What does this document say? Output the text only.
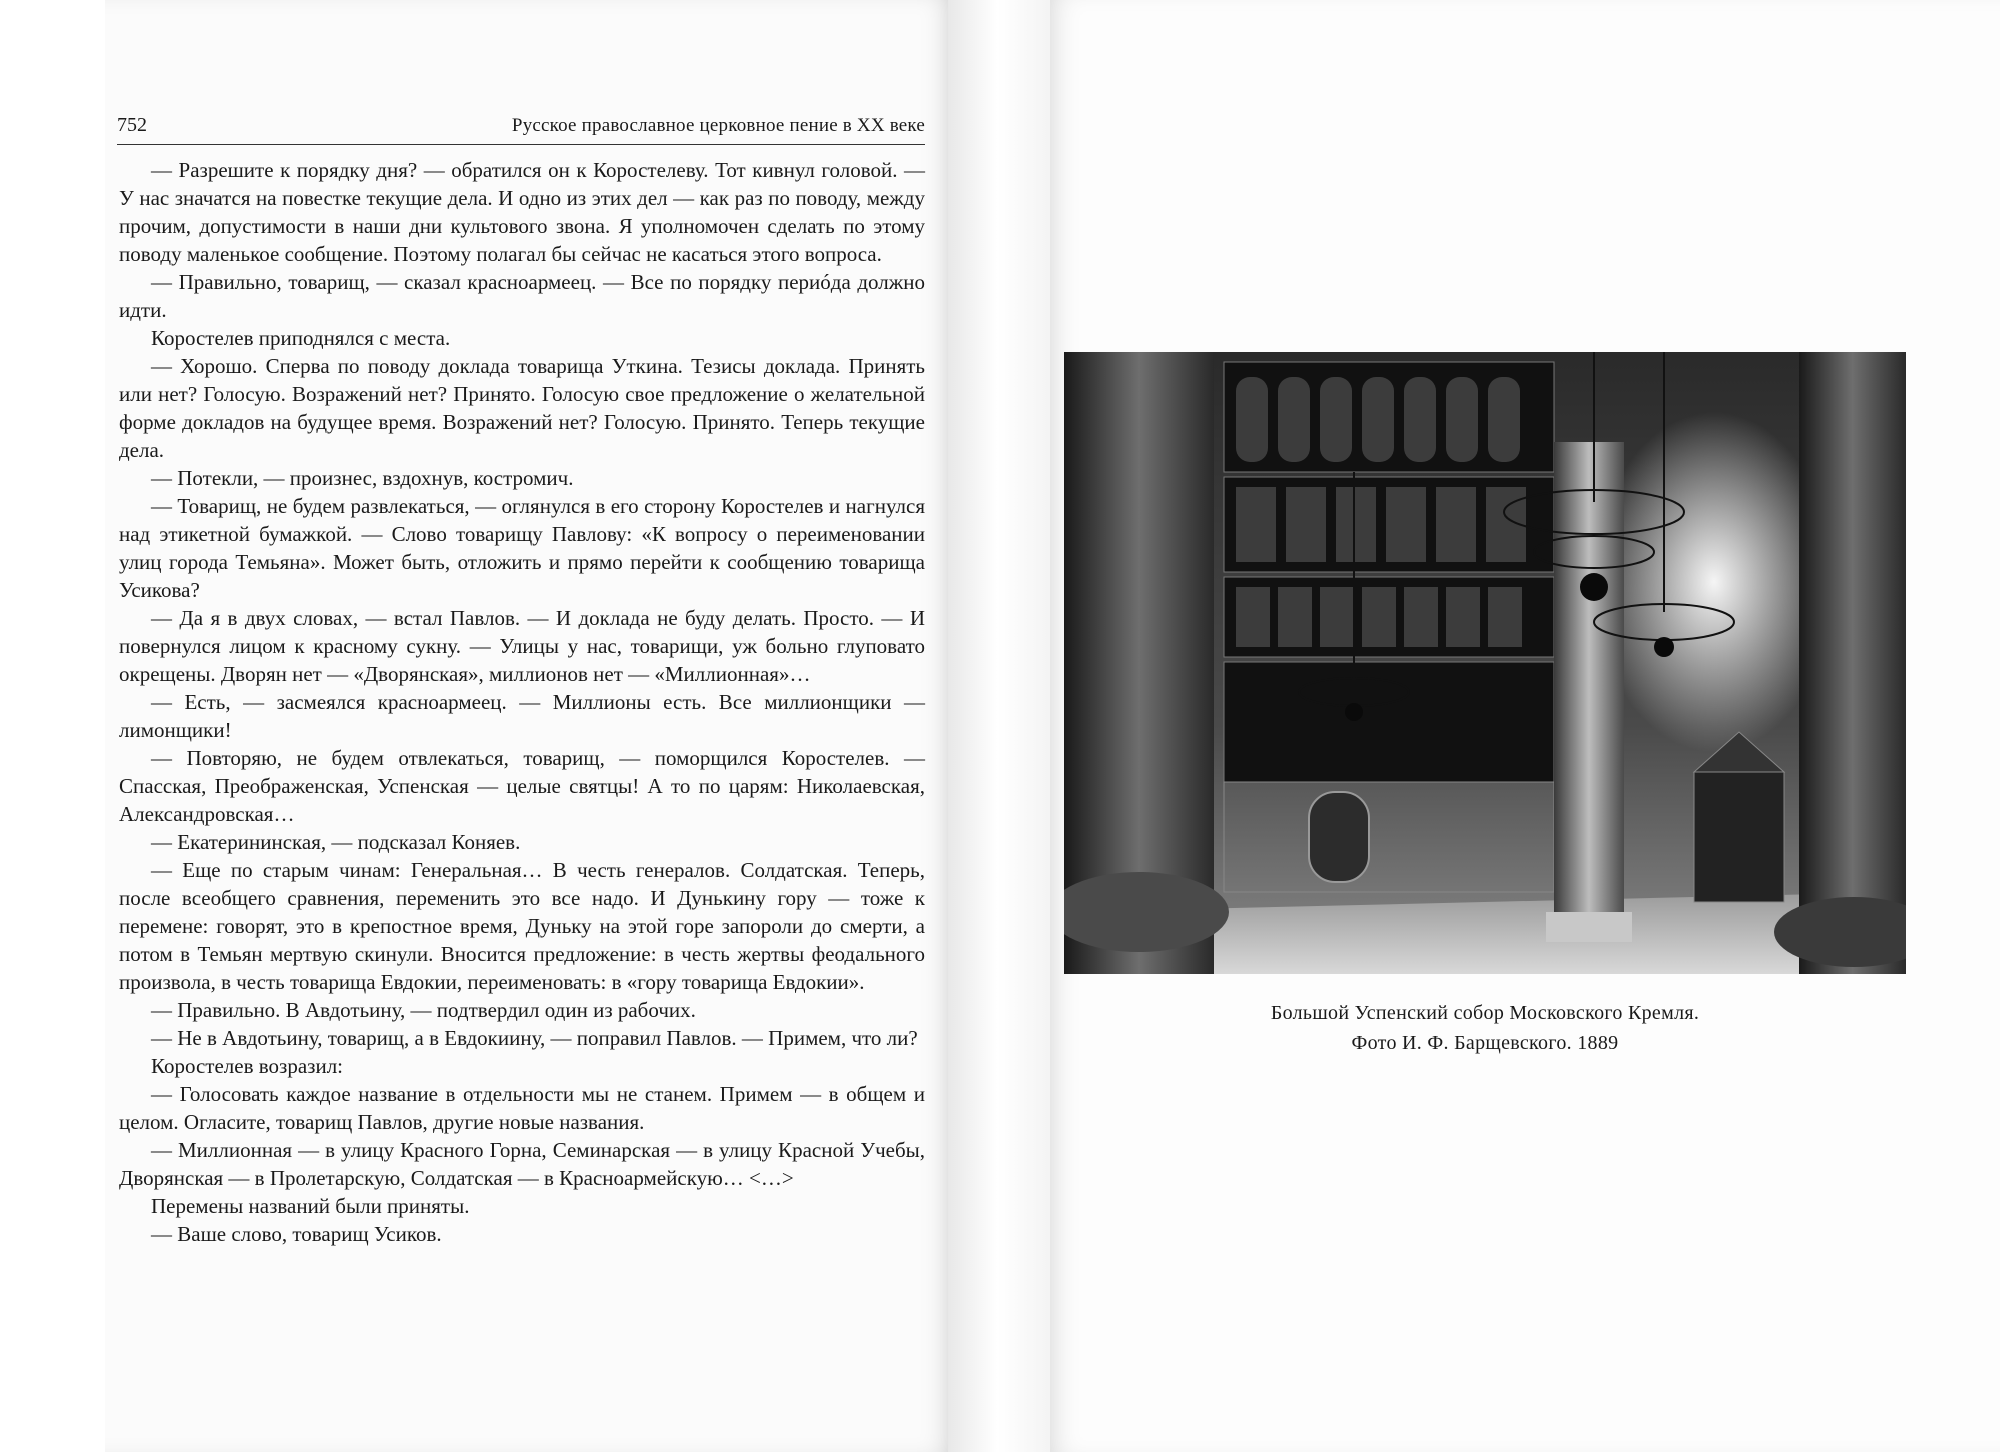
752	Русское православное церковное пение в XX веке

— Разрешите к порядку дня? — обратился он к Коростелеву. Тот кивнул головой. — У нас значатся на повестке текущие дела. И одно из этих дел — как раз по поводу, между прочим, допустимости в наши дни культового звона. Я уполномочен сделать по этому поводу маленькое сообщение. Поэтому полагал бы сейчас не касаться этого вопроса.

— Правильно, товарищ, — сказал красноармеец. — Все по порядку периóда должно идти.

Коростелев приподнялся с места.

— Хорошо. Сперва по поводу доклада товарища Уткина. Тезисы доклада. Принять или нет? Голосую. Возражений нет? Принято. Голосую свое предложение о желательной форме докладов на будущее время. Возражений нет? Голосую. Принято. Теперь текущие дела.

— Потекли, — произнес, вздохнув, костромич.

— Товарищ, не будем развлекаться, — оглянулся в его сторону Коростелев и нагнулся над этикетной бумажкой. — Слово товарищу Павлову: «К вопросу о переименовании улиц города Темьяна». Может быть, отложить и прямо перейти к сообщению товарища Усикова?

— Да я в двух словах, — встал Павлов. — И доклада не буду делать. Просто. — И повернулся лицом к красному сукну. — Улицы у нас, товарищи, уж больно глуповато окрещены. Дворян нет — «Дворянская», миллионов нет — «Миллионная»…

— Есть, — засмеялся красноармеец. — Миллионы есть. Все миллионщики — лимонщики!

— Повторяю, не будем отвлекаться, товарищ, — поморщился Коростелев. — Спасская, Преображенская, Успенская — целые святцы! А то по царям: Николаевская, Александровская…

— Екатерининская, — подсказал Коняев.

— Еще по старым чинам: Генеральная… В честь генералов. Солдатская. Теперь, после всеобщего сравнения, переменить это все надо. И Дунькину гору — тоже к перемене: говорят, это в крепостное время, Дуньку на этой горе запороли до смерти, а потом в Темьян мертвую скинули. Вносится предложение: в честь жертвы феодального произвола, в честь товарища Евдокии, переименовать: в «гору товарища Евдокии».

— Правильно. В Авдотьину, — подтвердил один из рабочих.

— Не в Авдотьину, товарищ, а в Евдокиину, — поправил Павлов. — Примем, что ли?

Коростелев возразил:

— Голосовать каждое название в отдельности мы не станем. Примем — в общем и целом. Огласите, товарищ Павлов, другие новые названия.

— Миллионная — в улицу Красного Горна, Семинарская — в улицу Красной Учебы, Дворянская — в Пролетарскую, Солдатская — в Красноармейскую… <…>

Перемены названий были приняты.

— Ваше слово, товарищ Усиков.

Большой Успенский собор Московского Кремля.
Фото И. Ф. Барщевского. 1889
